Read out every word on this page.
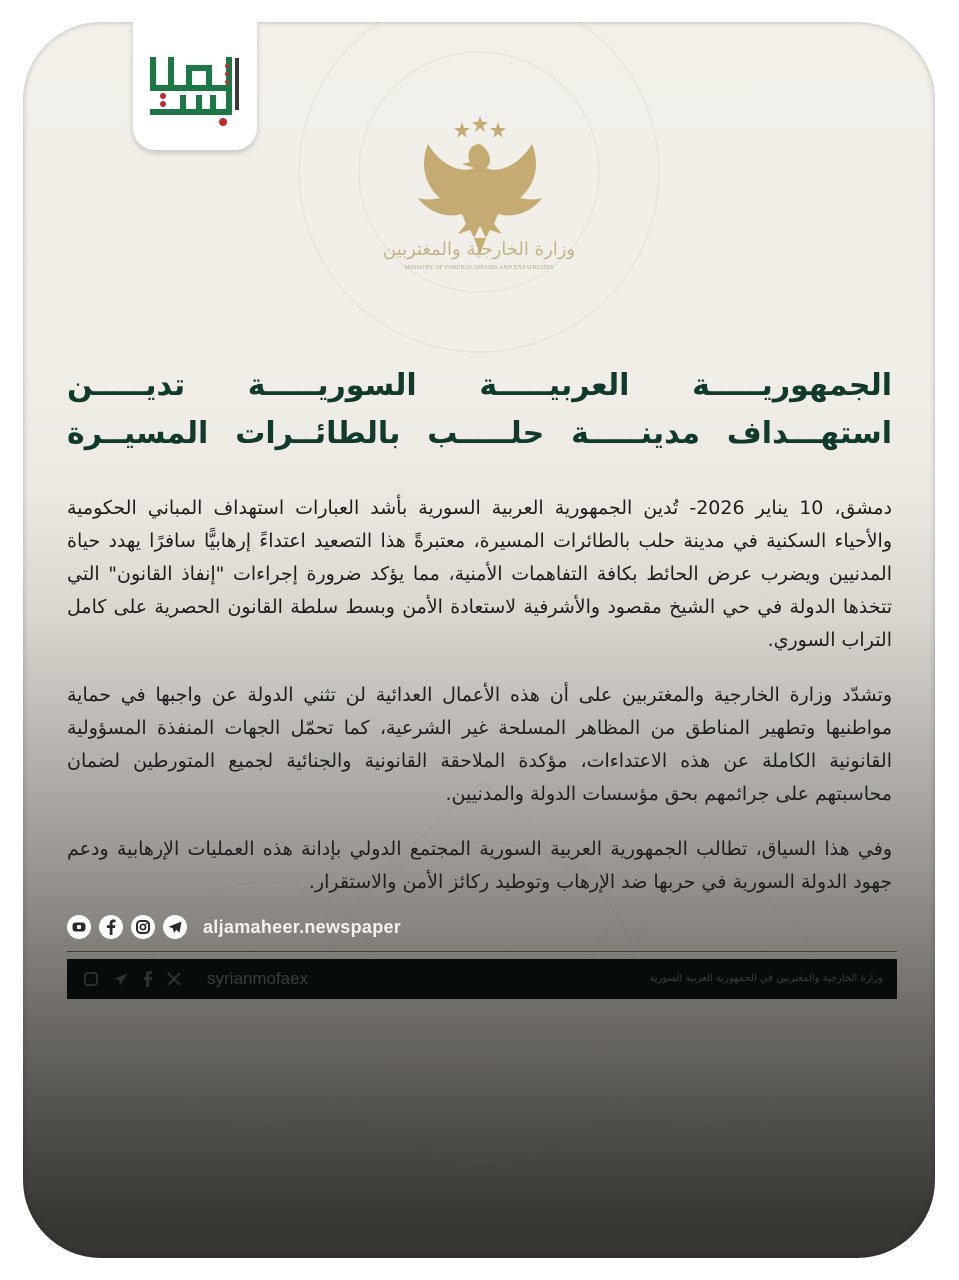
وزارة الخارجية والمغتربين
MINISTRY OF FOREIGN AFFAIRS AND EXPATRIATES
الجمهوريـــــة العربيـــــة السوريـــــة تديـــــن
استهـــداف مدينـــــة حلـــــب بالطائــرات المسيــرة

دمشق، 10 يناير 2026- تُدين الجمهورية العربية السورية بأشد العبارات استهداف المباني الحكومية والأحياء السكنية في مدينة حلب بالطائرات المسيرة، معتبرةً هذا التصعيد اعتداءً إرهابيًّا سافرًا يهدد حياة المدنيين ويضرب عرض الحائط بكافة التفاهمات الأمنية، مما يؤكد ضرورة إجراءات "إنفاذ القانون" التي تتخذها الدولة في حي الشيخ مقصود والأشرفية لاستعادة الأمن وبسط سلطة القانون الحصرية على كامل التراب السوري.

وتشدّد وزارة الخارجية والمغتربين على أن هذه الأعمال العدائية لن تثني الدولة عن واجبها في حماية مواطنيها وتطهير المناطق من المظاهر المسلحة غير الشرعية، كما تحمّل الجهات المنفذة المسؤولية القانونية الكاملة عن هذه الاعتداءات، مؤكدة الملاحقة القانونية والجنائية لجميع المتورطين لضمان محاسبتهم على جرائمهم بحق مؤسسات الدولة والمدنيين.

وفي هذا السياق، تطالب الجمهورية العربية السورية المجتمع الدولي بإدانة هذه العمليات الإرهابية ودعم جهود الدولة السورية في حربها ضد الإرهاب وتوطيد ركائز الأمن والاستقرار.

aljamaheer.newspaper
syrianmofaex	وزارة الخارجية والمغتربين في الجمهورية العربية السورية
